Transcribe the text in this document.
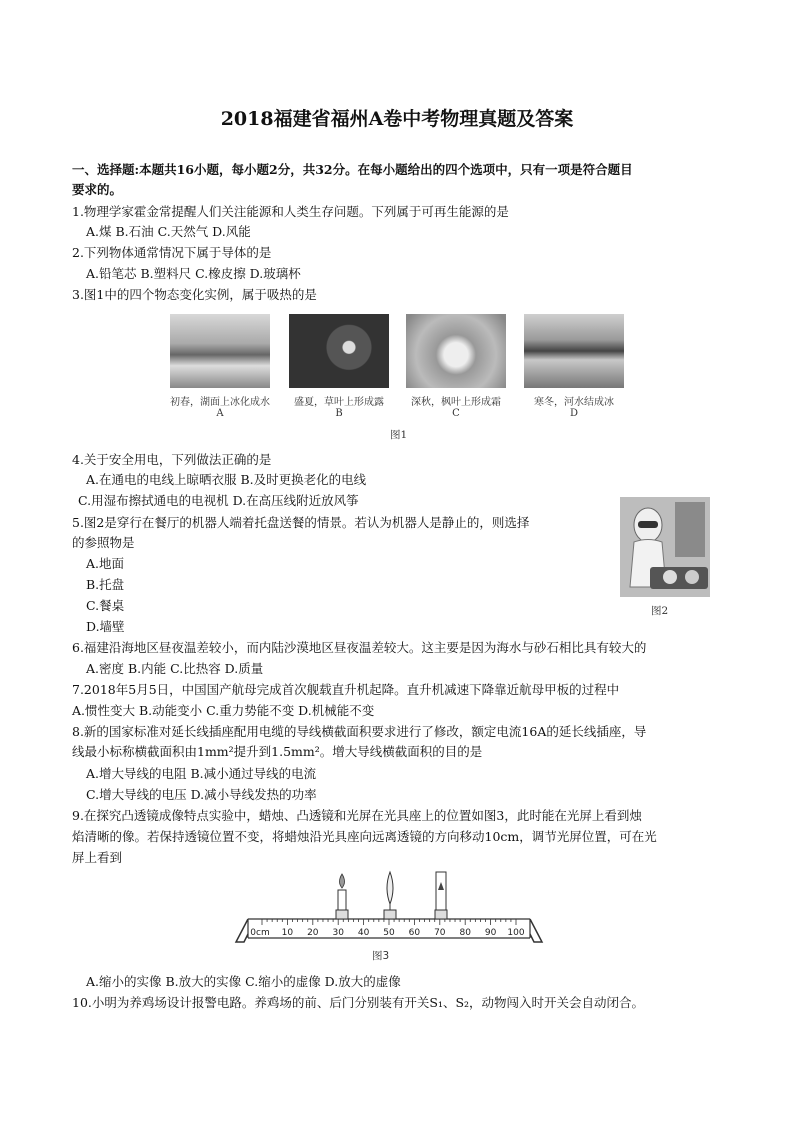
2018福建省福州A卷中考物理真题及答案
一、选择题:本题共16小题，每小题2分，共32分。在每小题给出的四个选项中，只有一项是符合题目
要求的。
1.物理学家霍金常提醒人们关注能源和人类生存问题。下列属于可再生能源的是
A.煤 B.石油 C.天然气 D.风能
2.下列物体通常情况下属于导体的是
A.铅笔芯 B.塑料尺 C.橡皮擦 D.玻璃杯
3.图1中的四个物态变化实例，属于吸热的是
初春，湖面上冰化成水	盛夏，草叶上形成露	深秋，枫叶上形成霜	寒冬，河水结成冰
A	B	C	D
图1
4.关于安全用电，下列做法正确的是
A.在通电的电线上晾晒衣服 B.及时更换老化的电线
C.用湿布擦拭通电的电视机 D.在高压线附近放风筝
5.图2是穿行在餐厅的机器人端着托盘送餐的情景。若认为机器人是静止的，则选择
的参照物是
A.地面
B.托盘
C.餐桌
D.墙壁
图2
6.福建沿海地区昼夜温差较小，而内陆沙漠地区昼夜温差较大。这主要是因为海水与砂石相比具有较大的
A.密度 B.内能 C.比热容 D.质量
7.2018年5月5日，中国国产航母完成首次舰载直升机起降。直升机减速下降靠近航母甲板的过程中
A.惯性变大 B.动能变小 C.重力势能不变 D.机械能不变
8.新的国家标准对延长线插座配用电缆的导线横截面积要求进行了修改，额定电流16A的延长线插座，导
线最小标称横截面积由1mm²提升到1.5mm²。增大导线横截面积的目的是
A.增大导线的电阻 B.减小通过导线的电流
C.增大导线的电压 D.减小导线发热的功率
9.在探究凸透镜成像特点实验中，蜡烛、凸透镜和光屏在光具座上的位置如图3，此时能在光屏上看到烛
焰清晰的像。若保持透镜位置不变，将蜡烛沿光具座向远离透镜的方向移动10cm，调节光屏位置，可在光
屏上看到
0cm 10 20 30 40 50 60 70 80 90 100
图3
A.缩小的实像 B.放大的实像 C.缩小的虚像 D.放大的虚像
10.小明为养鸡场设计报警电路。养鸡场的前、后门分别装有开关S₁、S₂，动物闯入时开关会自动闭合。
